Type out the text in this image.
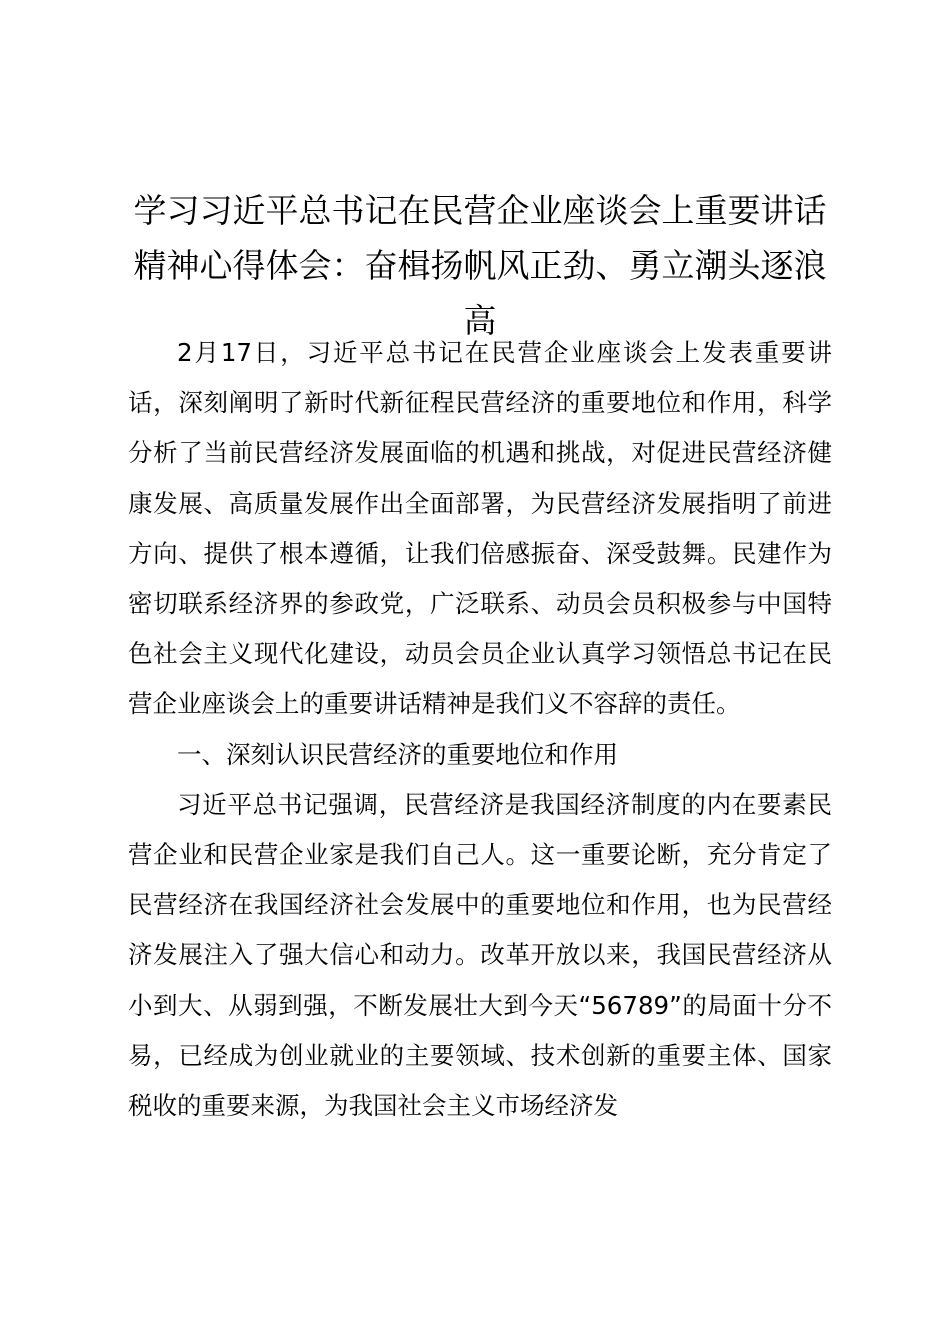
学习习近平总书记在民营企业座谈会上重要讲话精神心得体会：奋楫扬帆风正劲、勇立潮头逐浪高

2月17日，习近平总书记在民营企业座谈会上发表重要讲话，深刻阐明了新时代新征程民营经济的重要地位和作用，科学分析了当前民营经济发展面临的机遇和挑战，对促进民营经济健康发展、高质量发展作出全面部署，为民营经济发展指明了前进方向、提供了根本遵循，让我们倍感振奋、深受鼓舞。民建作为密切联系经济界的参政党，广泛联系、动员会员积极参与中国特色社会主义现代化建设，动员会员企业认真学习领悟总书记在民营企业座谈会上的重要讲话精神是我们义不容辞的责任。

一、深刻认识民营经济的重要地位和作用

习近平总书记强调，民营经济是我国经济制度的内在要素民营企业和民营企业家是我们自己人。这一重要论断，充分肯定了民营经济在我国经济社会发展中的重要地位和作用，也为民营经济发展注入了强大信心和动力。改革开放以来，我国民营经济从小到大、从弱到强，不断发展壮大到今天“56789”的局面十分不易，已经成为创业就业的主要领域、技术创新的重要主体、国家税收的重要来源，为我国社会主义市场经济发
